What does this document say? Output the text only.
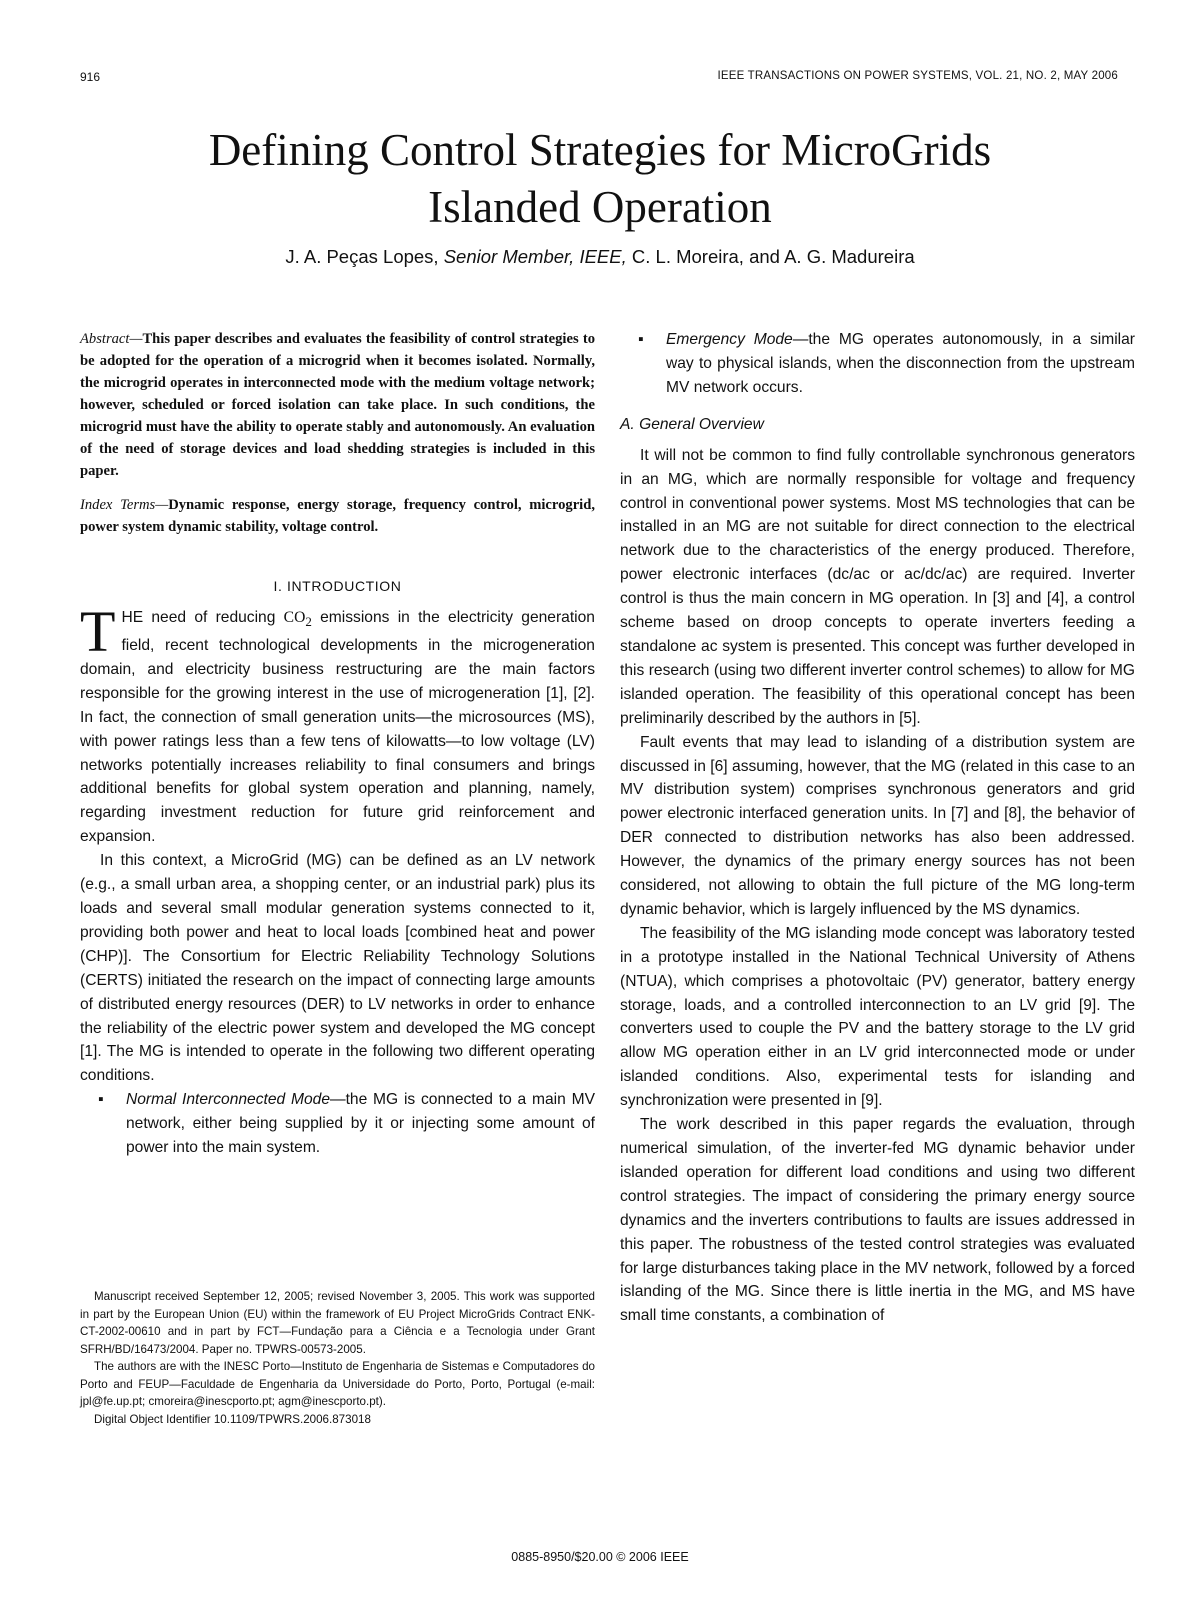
916	IEEE TRANSACTIONS ON POWER SYSTEMS, VOL. 21, NO. 2, MAY 2006
Defining Control Strategies for MicroGrids
Islanded Operation
J. A. Peças Lopes, Senior Member, IEEE, C. L. Moreira, and A. G. Madureira

Abstract—This paper describes and evaluates the feasibility of control strategies to be adopted for the operation of a microgrid when it becomes isolated. Normally, the microgrid operates in interconnected mode with the medium voltage network; however, scheduled or forced isolation can take place. In such conditions, the microgrid must have the ability to operate stably and autonomously. An evaluation of the need of storage devices and load shedding strategies is included in this paper.

Index Terms—Dynamic response, energy storage, frequency control, microgrid, power system dynamic stability, voltage control.

I. INTRODUCTION

THE need of reducing $CO_2$ emissions in the electricity generation field, recent technological developments in the microgeneration domain, and electricity business restructuring are the main factors responsible for the growing interest in the use of microgeneration [1], [2]. In fact, the connection of small generation units—the microsources (MS), with power ratings less than a few tens of kilowatts—to low voltage (LV) networks potentially increases reliability to final consumers and brings additional benefits for global system operation and planning, namely, regarding investment reduction for future grid reinforcement and expansion.

In this context, a MicroGrid (MG) can be defined as an LV network (e.g., a small urban area, a shopping center, or an industrial park) plus its loads and several small modular generation systems connected to it, providing both power and heat to local loads [combined heat and power (CHP)]. The Consortium for Electric Reliability Technology Solutions (CERTS) initiated the research on the impact of connecting large amounts of distributed energy resources (DER) to LV networks in order to enhance the reliability of the electric power system and developed the MG concept [1]. The MG is intended to operate in the following two different operating conditions.

▪ Normal Interconnected Mode—the MG is connected to a main MV network, either being supplied by it or injecting some amount of power into the main system.
▪ Emergency Mode—the MG operates autonomously, in a similar way to physical islands, when the disconnection from the upstream MV network occurs.
A. General Overview

It will not be common to find fully controllable synchronous generators in an MG, which are normally responsible for voltage and frequency control in conventional power systems. Most MS technologies that can be installed in an MG are not suitable for direct connection to the electrical network due to the characteristics of the energy produced. Therefore, power electronic interfaces (dc/ac or ac/dc/ac) are required. Inverter control is thus the main concern in MG operation. In [3] and [4], a control scheme based on droop concepts to operate inverters feeding a standalone ac system is presented. This concept was further developed in this research (using two different inverter control schemes) to allow for MG islanded operation. The feasibility of this operational concept has been preliminarily described by the authors in [5].

Fault events that may lead to islanding of a distribution system are discussed in [6] assuming, however, that the MG (related in this case to an MV distribution system) comprises synchronous generators and grid power electronic interfaced generation units. In [7] and [8], the behavior of DER connected to distribution networks has also been addressed. However, the dynamics of the primary energy sources has not been considered, not allowing to obtain the full picture of the MG long-term dynamic behavior, which is largely influenced by the MS dynamics.

The feasibility of the MG islanding mode concept was laboratory tested in a prototype installed in the National Technical University of Athens (NTUA), which comprises a photovoltaic (PV) generator, battery energy storage, loads, and a controlled interconnection to an LV grid [9]. The converters used to couple the PV and the battery storage to the LV grid allow MG operation either in an LV grid interconnected mode or under islanded conditions. Also, experimental tests for islanding and synchronization were presented in [9].

The work described in this paper regards the evaluation, through numerical simulation, of the inverter-fed MG dynamic behavior under islanded operation for different load conditions and using two different control strategies. The impact of considering the primary energy source dynamics and the inverters contributions to faults are issues addressed in this paper. The robustness of the tested control strategies was evaluated for large disturbances taking place in the MV network, followed by a forced islanding of the MG. Since there is little inertia in the MG, and MS have small time constants, a combination of

Manuscript received September 12, 2005; revised November 3, 2005. This work was supported in part by the European Union (EU) within the framework of EU Project MicroGrids Contract ENK-CT-2002-00610 and in part by FCT—Fundação para a Ciência e a Tecnologia under Grant SFRH/BD/16473/2004. Paper no. TPWRS-00573-2005.

The authors are with the INESC Porto—Instituto de Engenharia de Sistemas e Computadores do Porto and FEUP—Faculdade de Engenharia da Universidade do Porto, Porto, Portugal (e-mail: jpl@fe.up.pt; cmoreira@inescporto.pt; agm@inescporto.pt).

Digital Object Identifier 10.1109/TPWRS.2006.873018

0885-8950/$20.00 © 2006 IEEE
